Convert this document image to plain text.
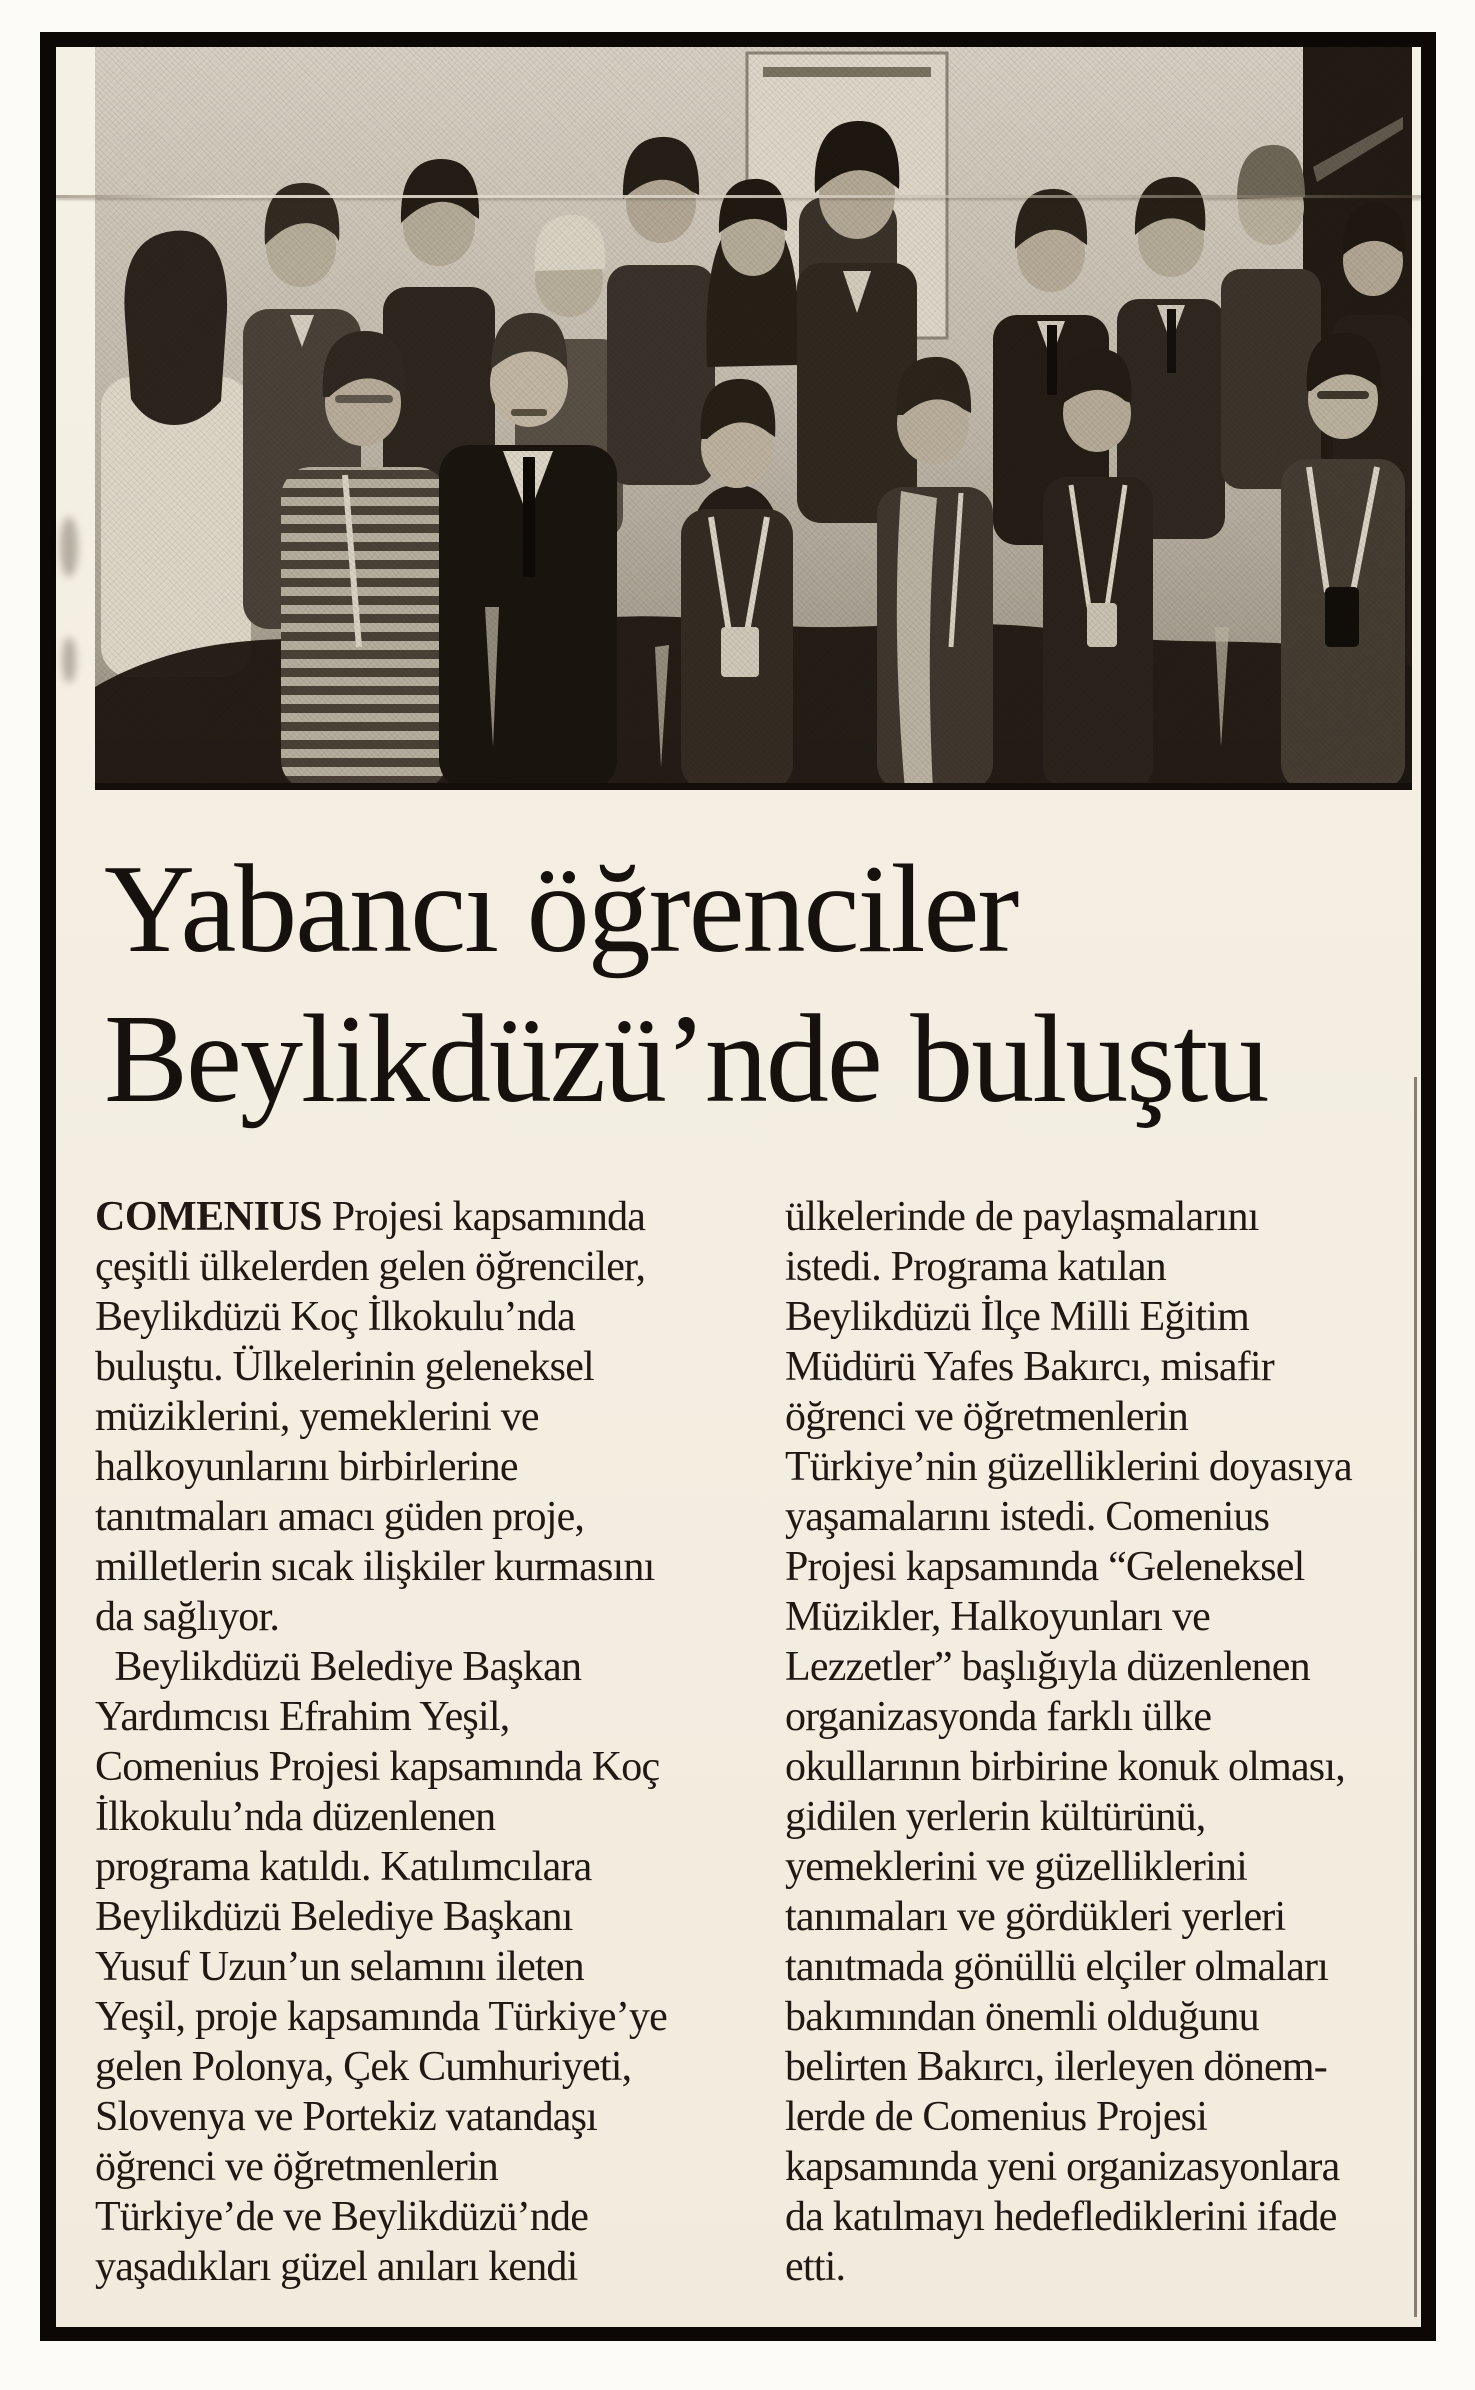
Yabancı öğrenciler
Beylikdüzü’nde buluştu
COMENIUS Projesi kapsamında
çeşitli ülkelerden gelen öğrenciler,
Beylikdüzü Koç İlkokulu’nda
buluştu. Ülkelerinin geleneksel
müziklerini, yemeklerini ve
halkoyunlarını birbirlerine
tanıtmaları amacı güden proje,
milletlerin sıcak ilişkiler kurmasını
da sağlıyor.
Beylikdüzü Belediye Başkan
Yardımcısı Efrahim Yeşil,
Comenius Projesi kapsamında Koç
İlkokulu’nda düzenlenen
programa katıldı. Katılımcılara
Beylikdüzü Belediye Başkanı
Yusuf Uzun’un selamını ileten
Yeşil, proje kapsamında Türkiye’ye
gelen Polonya, Çek Cumhuriyeti,
Slovenya ve Portekiz vatandaşı
öğrenci ve öğretmenlerin
Türkiye’de ve Beylikdüzü’nde
yaşadıkları güzel anıları kendi
ülkelerinde de paylaşmalarını
istedi. Programa katılan
Beylikdüzü İlçe Milli Eğitim
Müdürü Yafes Bakırcı, misafir
öğrenci ve öğretmenlerin
Türkiye’nin güzelliklerini doyasıya
yaşamalarını istedi. Comenius
Projesi kapsamında “Geleneksel
Müzikler, Halkoyunları ve
Lezzetler” başlığıyla düzenlenen
organizasyonda farklı ülke
okullarının birbirine konuk olması,
gidilen yerlerin kültürünü,
yemeklerini ve güzelliklerini
tanımaları ve gördükleri yerleri
tanıtmada gönüllü elçiler olmaları
bakımından önemli olduğunu
belirten Bakırcı, ilerleyen dönem-
lerde de Comenius Projesi
kapsamında yeni organizasyonlara
da katılmayı hedeflediklerini ifade
etti.
